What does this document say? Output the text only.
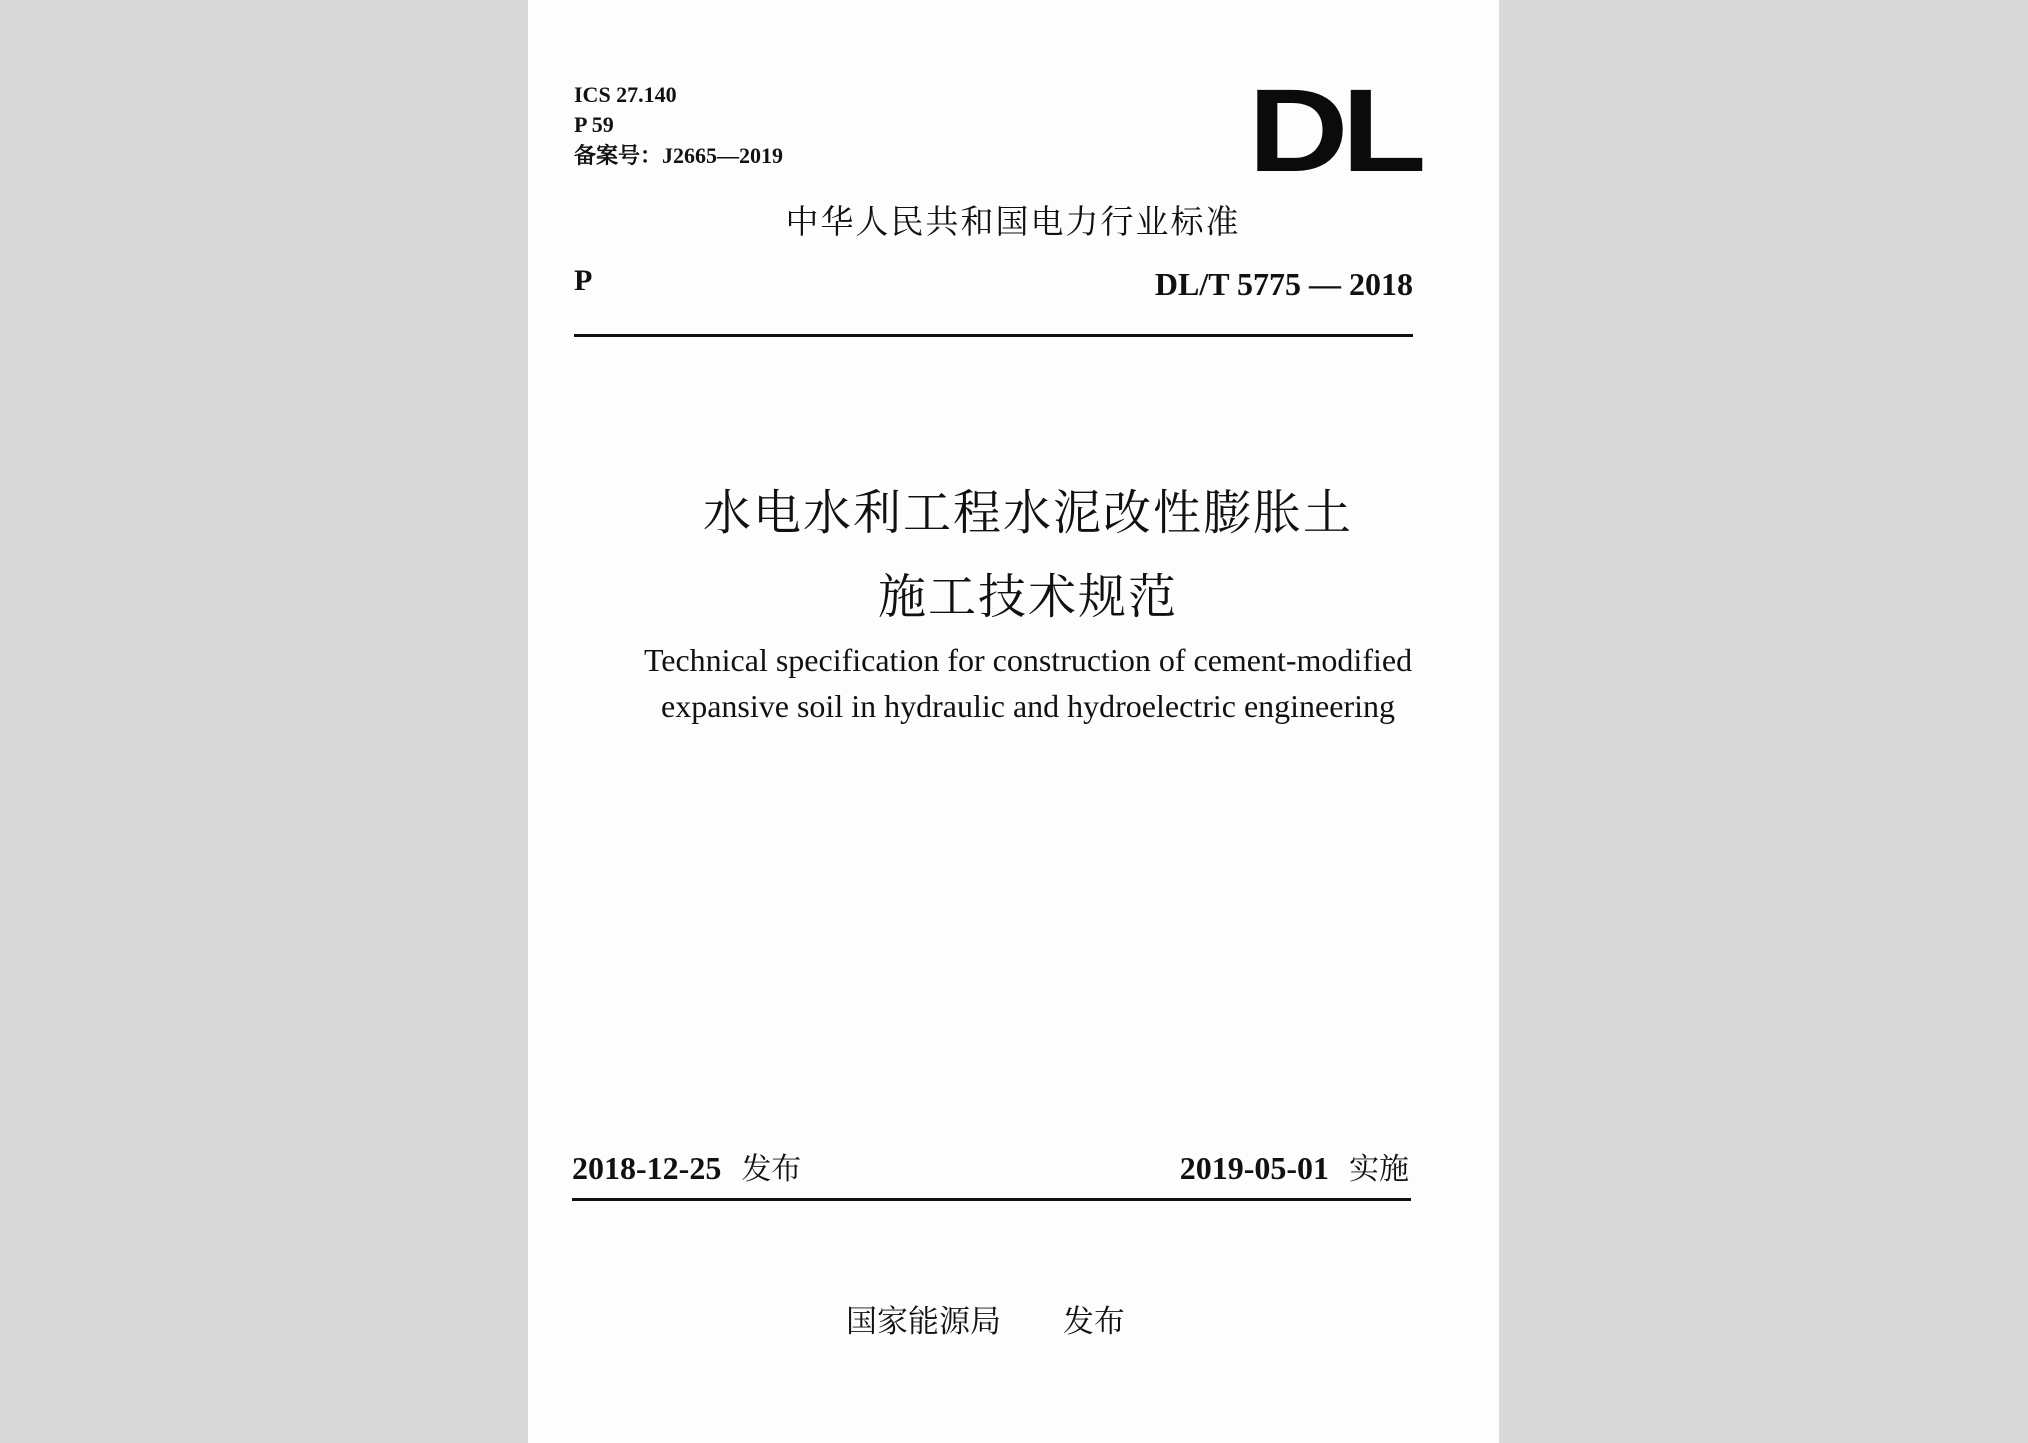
ICS 27.140
P 59
备案号：J2665—2019	DL
中华人民共和国电力行业标准
P	DL/T 5775 — 2018
水电水利工程水泥改性膨胀土
施工技术规范
Technical specification for construction of cement-modified
expansive soil in hydraulic and hydroelectric engineering
2018-12-25 发布	2019-05-01 实施
国家能源局 发布
